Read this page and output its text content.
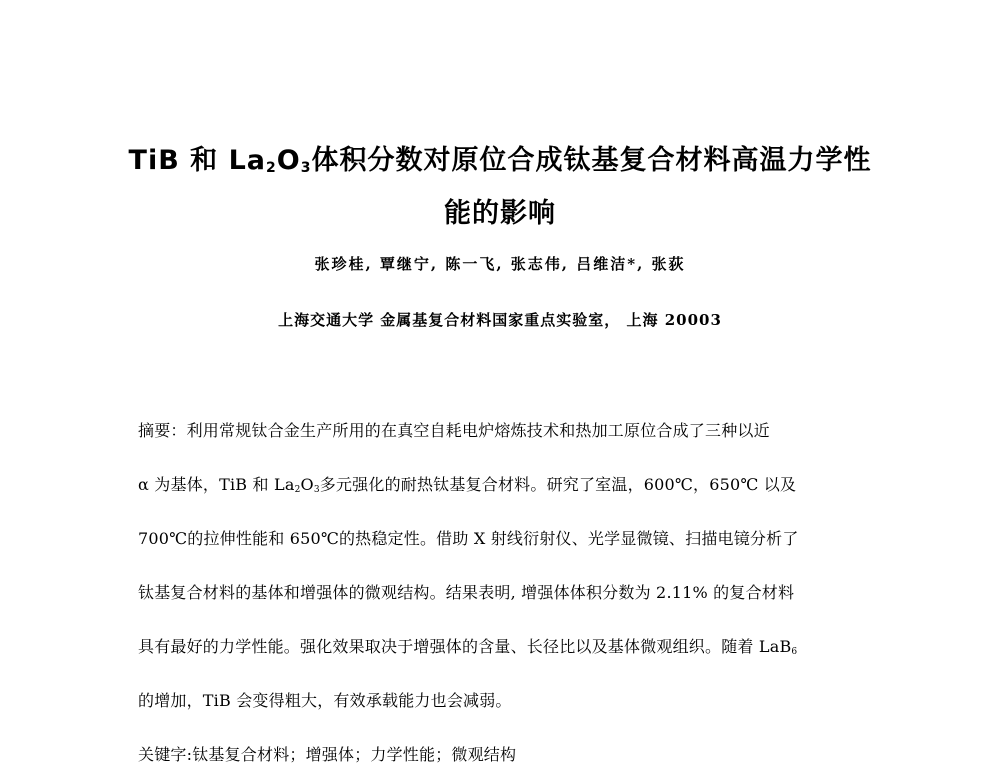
TiB 和 $La_2O_3$体积分数对原位合成钛基复合材料高温力学性
能的影响
张珍桂, 覃继宁, 陈一飞, 张志伟, 吕维洁*, 张荻
上海交通大学 金属基复合材料国家重点实验室， 上海 20003
摘要：利用常规钛合金生产所用的在真空自耗电炉熔炼技术和热加工原位合成了三种以近
α 为基体，TiB 和 $La_2O_3$多元强化的耐热钛基复合材料。研究了室温，600℃，650℃ 以及
700℃的拉伸性能和 650℃的热稳定性。借助 X 射线衍射仪、光学显微镜、扫描电镜分析了
钛基复合材料的基体和增强体的微观结构。结果表明, 增强体体积分数为 2.11% 的复合材料
具有最好的力学性能。强化效果取决于增强体的含量、长径比以及基体微观组织。随着 LaB$_6$
的增加，TiB 会变得粗大，有效承载能力也会减弱。
关键字:钛基复合材料；增强体；力学性能；微观结构
